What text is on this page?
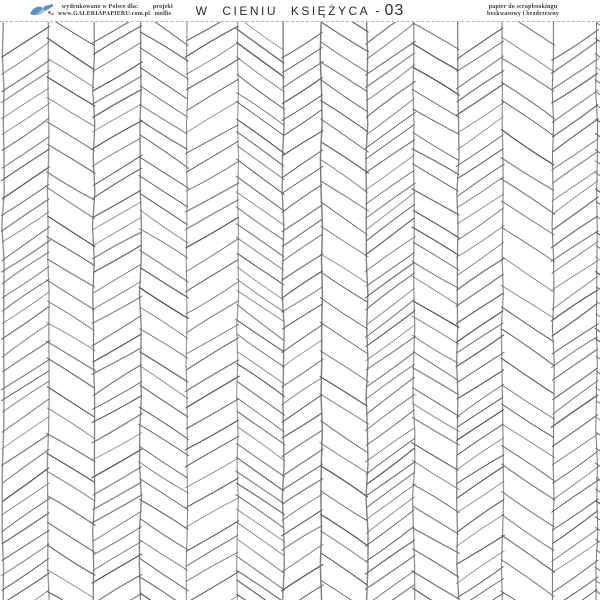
wydrukowano w Polsce dla:
www.GALERIAPAPIERU.com.pl
projekt
mollis	W CIENIU KSIĘŻYCA - 03	papier do scrapbookingu
bezkwasowy i bezdrzewny
